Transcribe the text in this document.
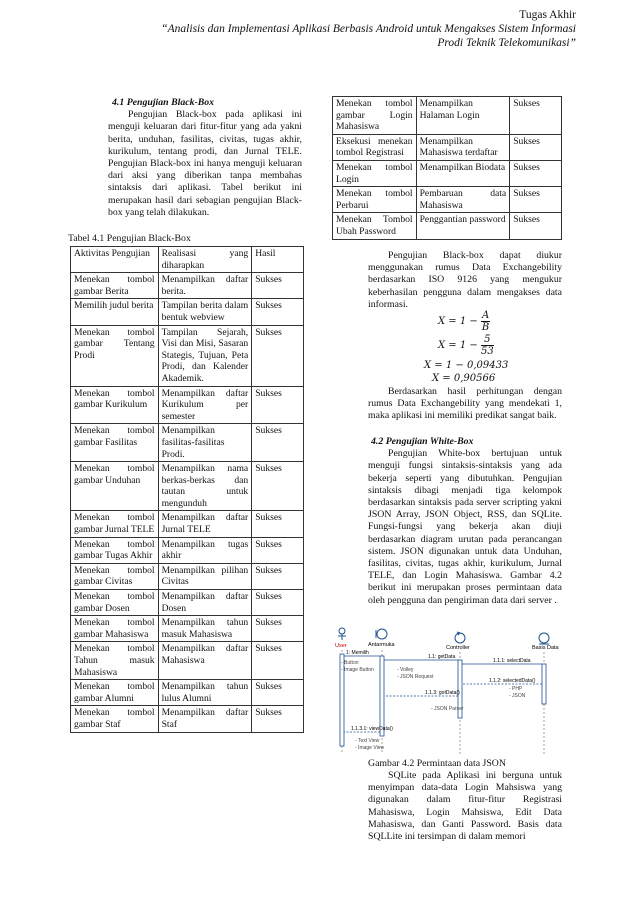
Tugas Akhir
“Analisis dan Implementasi Aplikasi Berbasis Android untuk Mengakses Sistem Informasi
Prodi Teknik Telekomunikasi”
4.1 Pengujian Black-Box
Pengujian Black-box pada aplikasi ini menguji keluaran dari fitur-fitur yang ada yakni berita, unduhan, fasilitas, civitas, tugas akhir, kurikulum, tentang prodi, dan Jurnal TELE. Pengujian Black-box ini hanya menguji keluaran dari aksi yang diberikan tanpa membahas sintaksis dari aplikasi. Tabel berikut ini merupakan hasil dari sebagian pengujian Black-box yang telah dilakukan.
Tabel 4.1 Pengujian Black-Box
Aktivitas Pengujian	Realisasi yang diharapkan	Hasil
Menekan tombol gambar Berita	Menampilkan daftar berita.	Sukses
Memilih judul berita	Tampilan berita dalam bentuk webview	Sukses
Menekan tombol gambar Tentang Prodi	Tampilan Sejarah, Visi dan Misi, Sasaran Stategis, Tujuan, Peta Prodi, dan Kalender Akademik.	Sukses
Menekan tombol gambar Kurikulum	Menampilkan daftar Kurikulum per semester	Sukses
Menekan tombol gambar Fasilitas	Menampilkan fasilitas-fasilitas Prodi.	Sukses
Menekan tombol gambar Unduhan	Menampilkan nama berkas-berkas dan tautan untuk mengunduh	Sukses
Menekan tombol gambar Jurnal TELE	Menampilkan daftar Jurnal TELE	Sukses
Menekan tombol gambar Tugas Akhir	Menampilkan tugas akhir	Sukses
Menekan tombol gambar Civitas	Menampilkan pilihan Civitas	Sukses
Menekan tombol gambar Dosen	Menampilkan daftar Dosen	Sukses
Menekan tombol gambar Mahasiswa	Menampilkan tahun masuk Mahasiswa	Sukses
Menekan tombol Tahun masuk Mahasiswa	Menampilkan daftar Mahasiswa	Sukses
Menekan tombol gambar Alumni	Menampilkan tahun lulus Alumni	Sukses
Menekan tombol gambar Staf	Menampilkan daftar Staf	Sukses
Menekan tombol gambar Login Mahasiswa	Menampilkan Halaman Login	Sukses
Eksekusi menekan tombol Registrasi	Menampilkan Mahasiswa terdaftar	Sukses
Menekan tombol Login	Menampilkan Biodata	Sukses
Menekan tombol Perbarui	Pembaruan data Mahasiswa	Sukses
Menekan Tombol Ubah Password	Penggantian password	Sukses
Pengujian Black-box dapat diukur menggunakan rumus Data Exchangebility berdasarkan ISO 9126 yang mengukur keberhasilan pengguna dalam mengakses data informasi.
$X = 1 - \frac{A}{B}$
$X = 1 - \frac{5}{53}$
X = 1 − 0,09433
X = 0,90566
Berdasarkan hasil perhitungan dengan rumus Data Exchangebility yang mendekati 1, maka aplikasi ini memiliki predikat sangat baik.
4.2 Pengujian White-Box
Pengujian White-box bertujuan untuk menguji fungsi sintaksis-sintaksis yang ada bekerja seperti yang dibutuhkan. Pengujian sintaksis dibagi menjadi tiga kelompok berdasarkan sintaksis pada server scripting yakni JSON Array, JSON Object, RSS, dan SQLite. Fungsi-fungsi yang bekerja akan diuji berdasarkan diagram urutan pada perancangan sistem. JSON digunakan untuk data Unduhan, fasilitas, civitas, tugas akhir, kurikulum, Jurnal TELE, dan Login Mahasiswa. Gambar 4.2 berikut ini merupakan proses permintaan data oleh pengguna dan pengiriman data dari server .
User	Antarmuka	Controller	Basis Data
1: Memilih
1.1: getData
1.1.1: selectData
1.1.2: selectedData()
1.1.3: gotData()
1.1.3.1: viewData()
- Button
- Image Button	- Volley
- JSON Request
- PHP
- JSON
- JSON Parser
- Text View
- Image View
Gambar 4.2 Permintaan data JSON
SQLite pada Aplikasi ini berguna untuk menyimpan data-data Login Mahsiswa yang digunakan dalam fitur-fitur Registrasi Mahasiswa, Login Mahsiswa, Edit Data Mahasiswa, dan Ganti Password. Basis data SQLLite ini tersimpan di dalam memori
